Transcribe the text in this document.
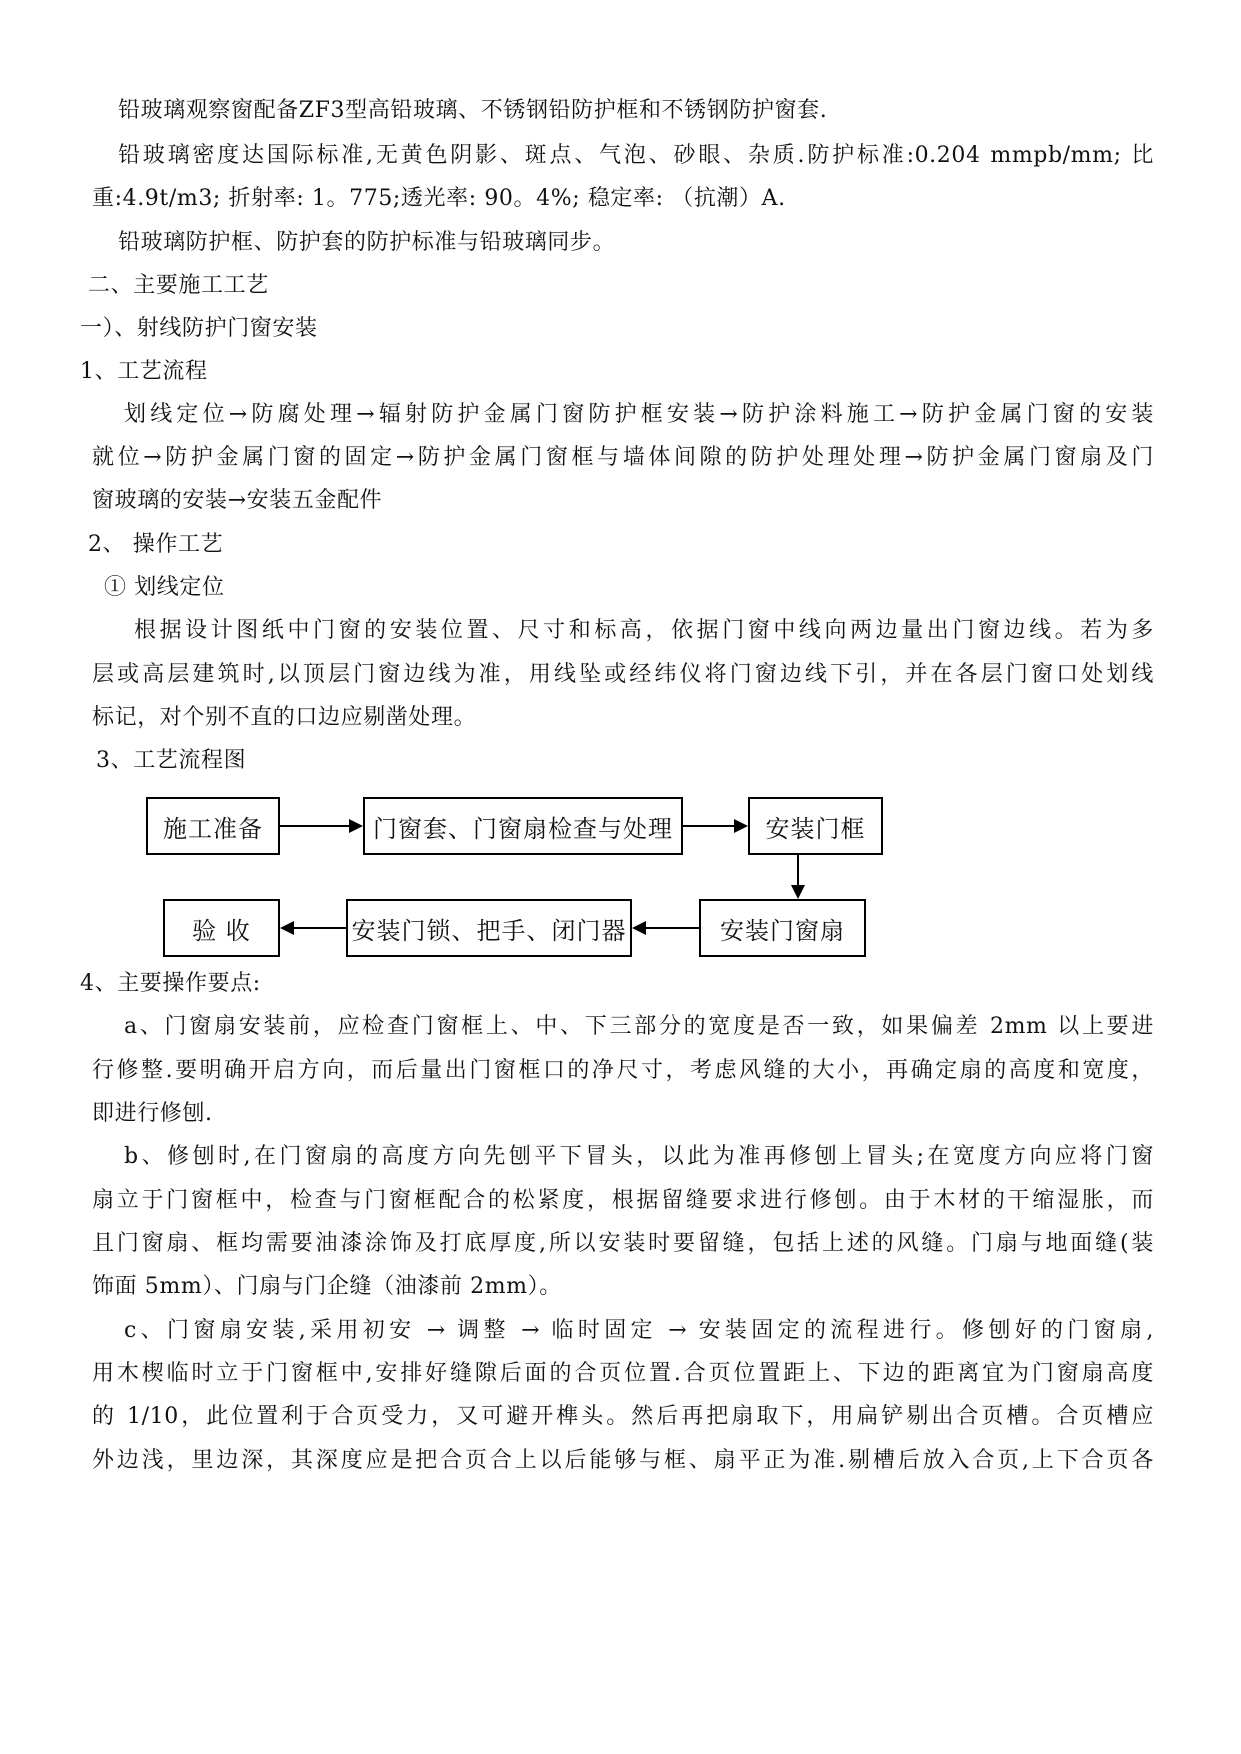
铅玻璃观察窗配备ZF3型高铅玻璃、不锈钢铅防护框和不锈钢防护窗套.
铅玻璃密度达国际标准,无黄色阴影、斑点、气泡、砂眼、杂质.防护标准:0.204 mmpb/mm; 比
重:4.9t/m3; 折射率: 1。775;透光率: 90。4%; 稳定率: （抗潮）A.
铅玻璃防护框、防护套的防护标准与铅玻璃同步。
二、主要施工工艺
一）、射线防护门窗安装
1、工艺流程
划线定位→防腐处理→辐射防护金属门窗防护框安装→防护涂料施工→防护金属门窗的安装
就位→防护金属门窗的固定→防护金属门窗框与墙体间隙的防护处理处理→防护金属门窗扇及门
窗玻璃的安装→安装五金配件
2、 操作工艺
① 划线定位
根据设计图纸中门窗的安装位置、尺寸和标高，依据门窗中线向两边量出门窗边线。若为多
层或高层建筑时,以顶层门窗边线为准，用线坠或经纬仪将门窗边线下引，并在各层门窗口处划线
标记，对个别不直的口边应剔凿处理。
3、工艺流程图
施工准备	门窗套、门窗扇检查与处理	安装门框
安装门窗扇
安装门锁、把手、闭门器
验 收
4、主要操作要点:
a、门窗扇安装前，应检查门窗框上、中、下三部分的宽度是否一致，如果偏差 2mm 以上要进
行修整.要明确开启方向，而后量出门窗框口的净尺寸，考虑风缝的大小，再确定扇的高度和宽度，
即进行修刨.
b、修刨时,在门窗扇的高度方向先刨平下冒头，以此为准再修刨上冒头;在宽度方向应将门窗
扇立于门窗框中，检查与门窗框配合的松紧度，根据留缝要求进行修刨。由于木材的干缩湿胀，而
且门窗扇、框均需要油漆涂饰及打底厚度,所以安装时要留缝，包括上述的风缝。门扇与地面缝(装
饰面 5mm）、门扇与门企缝（油漆前 2mm）。
c、门窗扇安装,采用初安 → 调整 → 临时固定 → 安装固定的流程进行。修刨好的门窗扇,
用木楔临时立于门窗框中,安排好缝隙后面的合页位置.合页位置距上、下边的距离宜为门窗扇高度
的 1/10，此位置利于合页受力，又可避开榫头。然后再把扇取下，用扁铲剔出合页槽。合页槽应
外边浅，里边深，其深度应是把合页合上以后能够与框、扇平正为准.剔槽后放入合页,上下合页各
